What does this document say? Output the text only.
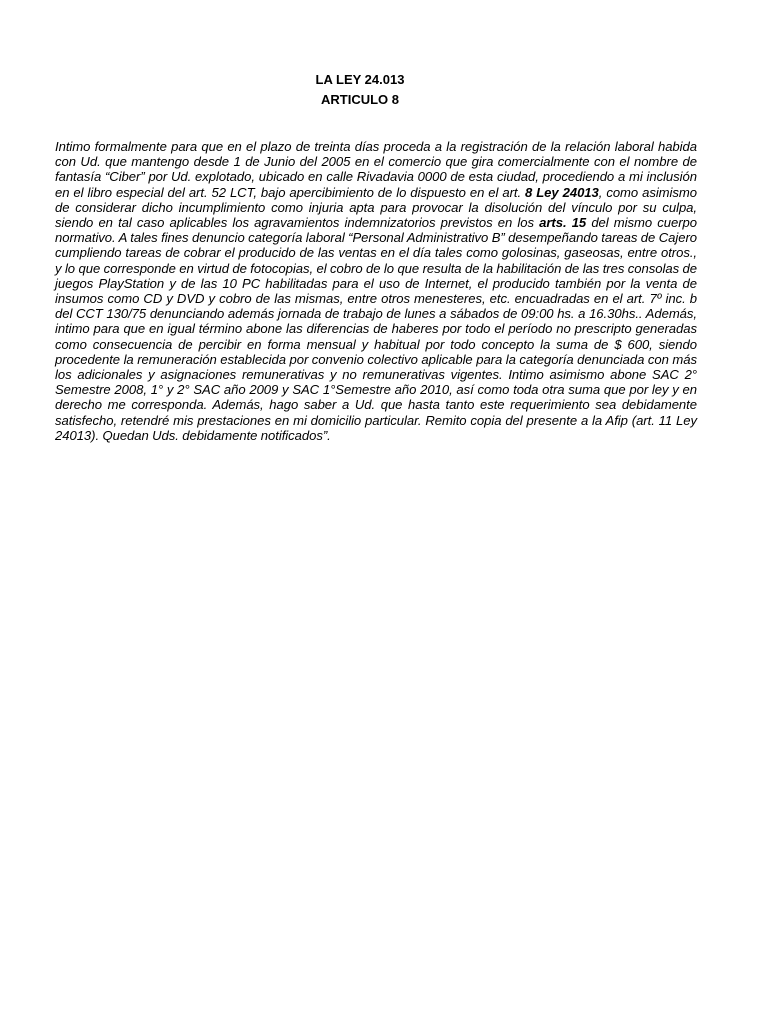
LA LEY 24.013
ARTICULO 8
Intimo formalmente para que en el plazo de treinta días proceda a la registración de la relación laboral habida con Ud. que mantengo desde 1 de Junio del 2005 en el comercio que gira comercialmente con el nombre de fantasía “Ciber” por Ud. explotado, ubicado en calle Rivadavia 0000 de esta ciudad, procediendo a mi inclusión en el libro especial del art. 52 LCT, bajo apercibimiento de lo dispuesto en el art. 8 Ley 24013, como asimismo de considerar dicho incumplimiento como injuria apta para provocar la disolución del vínculo por su culpa, siendo en tal caso aplicables los agravamientos indemnizatorios previstos en los arts. 15 del mismo cuerpo normativo. A tales fines denuncio categoría laboral “Personal Administrativo B” desempeñando tareas de Cajero cumpliendo tareas de cobrar el producido de las ventas en el día tales como golosinas, gaseosas, entre otros., y lo que corresponde en virtud de fotocopias, el cobro de lo que resulta de la habilitación de las tres consolas de juegos PlayStation y de las 10 PC habilitadas para el uso de Internet, el producido también por la venta de insumos como CD y DVD y cobro de las mismas, entre otros menesteres, etc. encuadradas en el art. 7º inc. b del CCT 130/75 denunciando además jornada de trabajo de lunes a sábados de 09:00 hs. a 16.30hs.. Además, intimo para que en igual término abone las diferencias de haberes por todo el período no prescripto generadas como consecuencia de percibir en forma mensual y habitual por todo concepto la suma de $ 600, siendo procedente la remuneración establecida por convenio colectivo aplicable para la categoría denunciada con más los adicionales y asignaciones remunerativas y no remunerativas vigentes. Intimo asimismo abone SAC 2° Semestre 2008, 1° y 2° SAC año 2009 y SAC 1°Semestre año 2010, así como toda otra suma que por ley y en derecho me corresponda. Además, hago saber a Ud. que hasta tanto este requerimiento sea debidamente satisfecho, retendré mis prestaciones en mi domicilio particular. Remito copia del presente a la Afip (art. 11 Ley 24013). Quedan Uds. debidamente notificados”.
